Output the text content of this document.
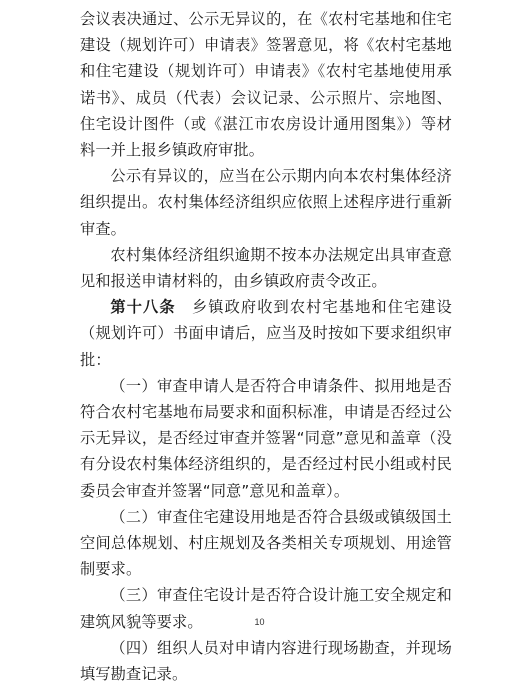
会议表决通过、公示无异议的，在《农村宅基地和住宅建设（规划许可）申请表》签署意见，将《农村宅基地和住宅建设（规划许可）申请表》《农村宅基地使用承诺书》、成员（代表）会议记录、公示照片、宗地图、住宅设计图件（或《湛江市农房设计通用图集》）等材料一并上报乡镇政府审批。

公示有异议的，应当在公示期内向本农村集体经济组织提出。农村集体经济组织应依照上述程序进行重新审查。

农村集体经济组织逾期不按本办法规定出具审查意见和报送申请材料的，由乡镇政府责令改正。

第十八条  乡镇政府收到农村宅基地和住宅建设（规划许可）书面申请后，应当及时按如下要求组织审批：

（一）审查申请人是否符合申请条件、拟用地是否符合农村宅基地布局要求和面积标准，申请是否经过公示无异议，是否经过审查并签署“同意”意见和盖章（没有分设农村集体经济组织的，是否经过村民小组或村民委员会审查并签署“同意”意见和盖章）。

（二）审查住宅建设用地是否符合县级或镇级国土空间总体规划、村庄规划及各类相关专项规划、用途管制要求。

（三）审查住宅设计是否符合设计施工安全规定和建筑风貌等要求。

（四）组织人员对申请内容进行现场勘查，并现场填写勘查记录。

10
